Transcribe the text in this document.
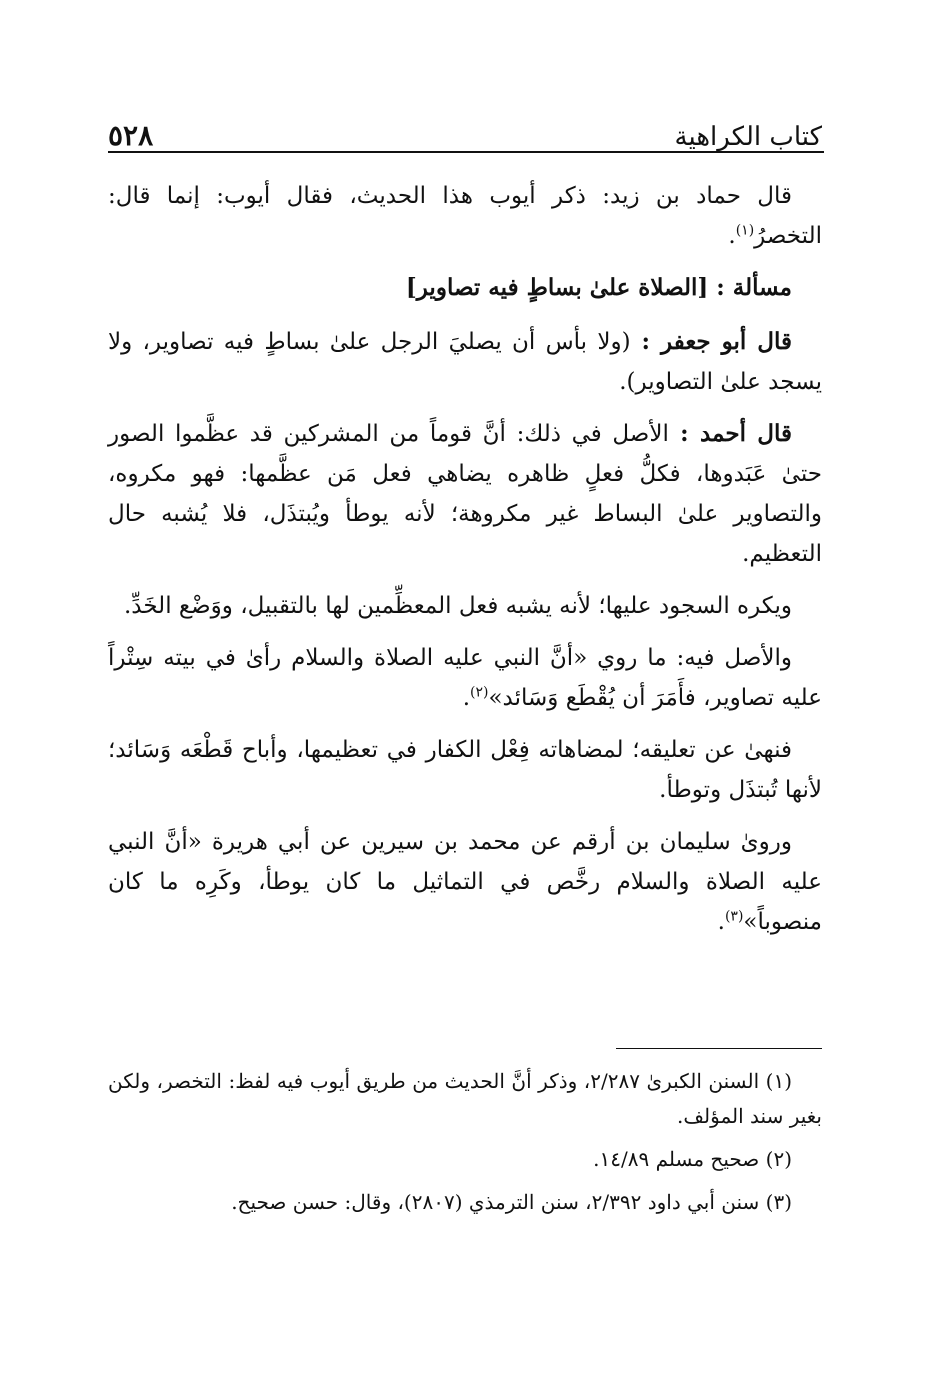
كتاب الكراهية
٥٢٨

قال حماد بن زيد: ذكر أيوب هذا الحديث، فقال أيوب: إنما قال: التخصرُ$^{(١)}$.

مسألة : [الصلاة علىٰ بساطٍ فيه تصاوير]

قال أبو جعفر : (ولا بأس أن يصليَ الرجل علىٰ بساطٍ فيه تصاوير، ولا يسجد علىٰ التصاوير).

قال أحمد : الأصل في ذلك: أنَّ قوماً من المشركين قد عظَّموا الصور حتىٰ عَبَدوها، فكلُّ فعلٍ ظاهره يضاهي فعل مَن عظَّمها: فهو مكروه، والتصاوير علىٰ البساط غير مكروهة؛ لأنه يوطأ ويُبتذَل، فلا يُشبه حال التعظيم.

ويكره السجود عليها؛ لأنه يشبه فعل المعظِّمين لها بالتقبيل، ووَضْع الخَدِّ.

والأصل فيه: ما روي «أنَّ النبي عليه الصلاة والسلام رأىٰ في بيته سِتْراً عليه تصاوير، فأَمَرَ أن يُقْطَع وَسَائد»$^{(٢)}$.

فنهىٰ عن تعليقه؛ لمضاهاته فِعْل الكفار في تعظيمها، وأباح قَطْعَه وَسَائد؛ لأنها تُبتذَل وتوطأ.

ورویٰ سليمان بن أرقم عن محمد بن سيرين عن أبي هريرة «أنَّ النبي عليه الصلاة والسلام رخَّص في التماثيل ما كان يوطأ، وكَرِه ما كان منصوباً»$^{(٣)}$.

(١) السنن الكبرىٰ ٢/٢٨٧، وذكر أنَّ الحديث من طريق أيوب فيه لفظ: التخصر، ولكن بغير سند المؤلف.

(٢) صحيح مسلم ١٤/٨٩.

(٣) سنن أبي داود ٢/٣٩٢، سنن الترمذي (٢٨٠٧)، وقال: حسن صحيح.
